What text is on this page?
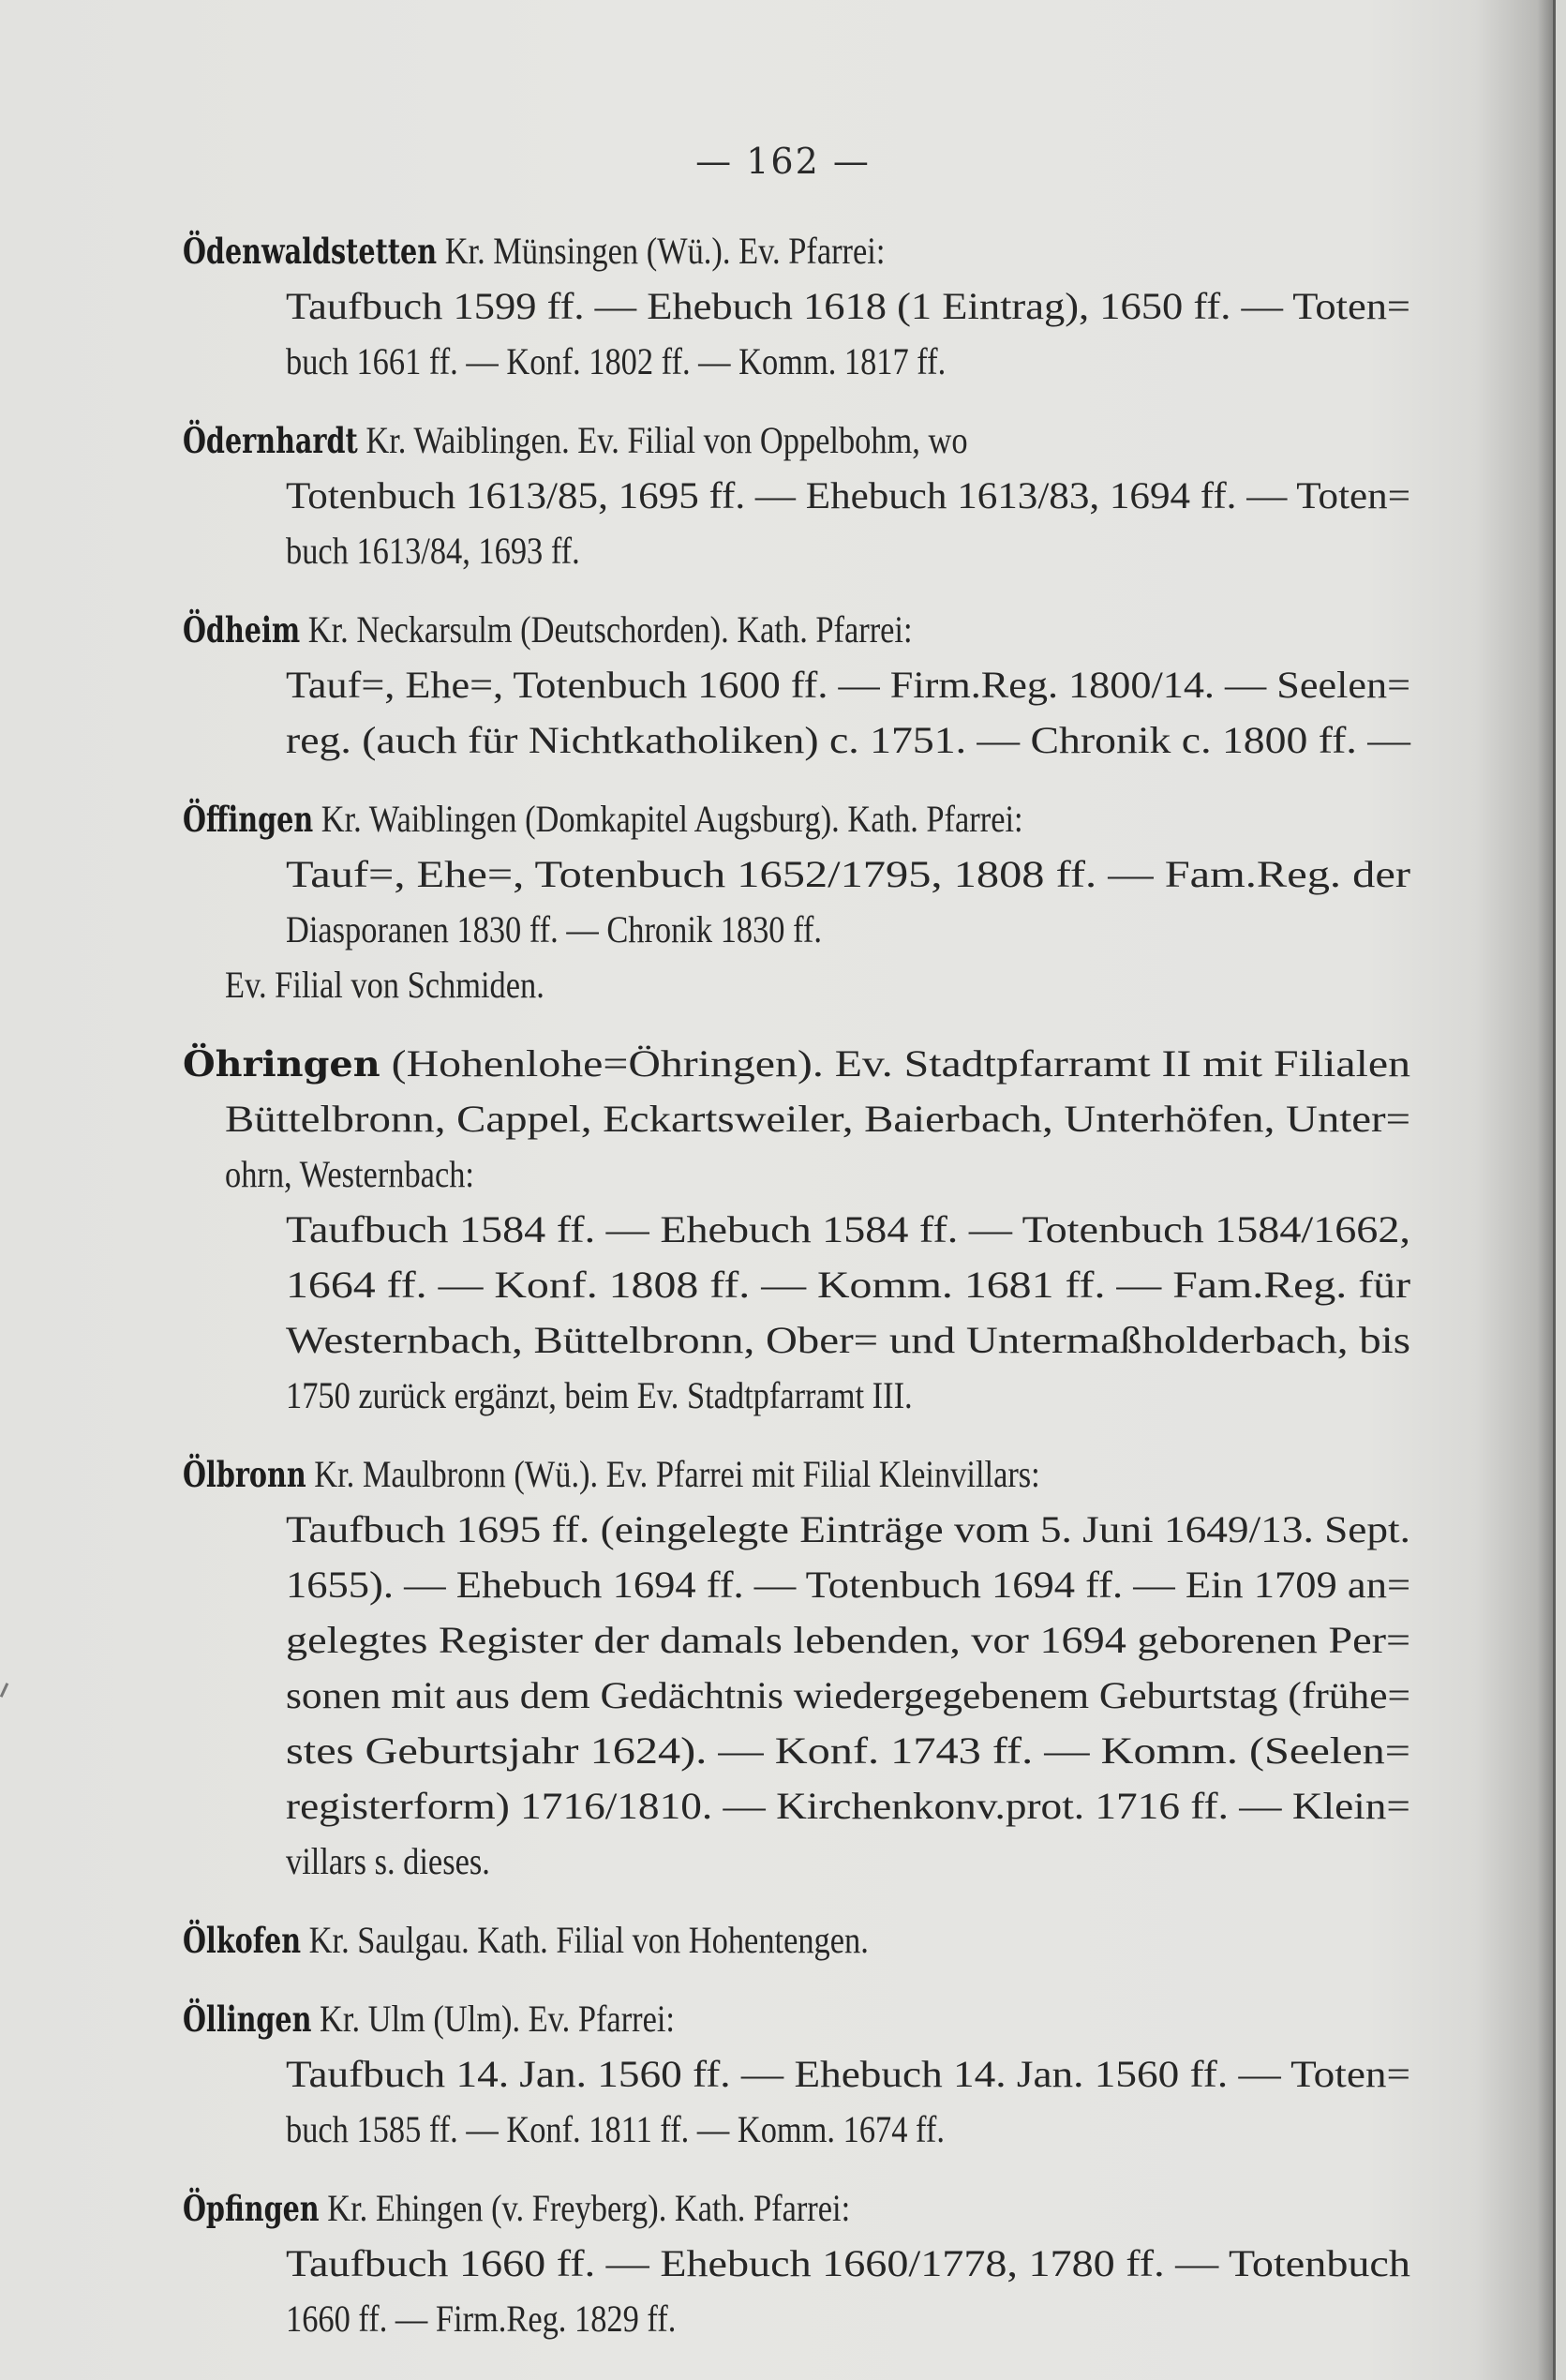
— 162 —
Ödenwaldstetten Kr. Münsingen (Wü.). Ev. Pfarrei:
Taufbuch 1599 ff. — Ehebuch 1618 (1 Eintrag), 1650 ff. — Toten=
buch 1661 ff. — Konf. 1802 ff. — Komm. 1817 ff.
Ödernhardt Kr. Waiblingen. Ev. Filial von Oppelbohm, wo
Totenbuch 1613/85, 1695 ff. — Ehebuch 1613/83, 1694 ff. — Toten=
buch 1613/84, 1693 ff.
Ödheim Kr. Neckarsulm (Deutschorden). Kath. Pfarrei:
Tauf=, Ehe=, Totenbuch 1600 ff. — Firm.Reg. 1800/14. — Seelen=
reg. (auch für Nichtkatholiken) c. 1751. — Chronik c. 1800 ff. —
Öffingen Kr. Waiblingen (Domkapitel Augsburg). Kath. Pfarrei:
Tauf=, Ehe=, Totenbuch 1652/1795, 1808 ff. — Fam.Reg. der
Diasporanen 1830 ff. — Chronik 1830 ff.
Ev. Filial von Schmiden.
Öhringen (Hohenlohe=Öhringen). Ev. Stadtpfarramt II mit Filialen
Büttelbronn, Cappel, Eckartsweiler, Baierbach, Unterhöfen, Unter=
ohrn, Westernbach:
Taufbuch 1584 ff. — Ehebuch 1584 ff. — Totenbuch 1584/1662,
1664 ff. — Konf. 1808 ff. — Komm. 1681 ff. — Fam.Reg. für
Westernbach, Büttelbronn, Ober= und Untermaßholderbach, bis
1750 zurück ergänzt, beim Ev. Stadtpfarramt III.
Ölbronn Kr. Maulbronn (Wü.). Ev. Pfarrei mit Filial Kleinvillars:
Taufbuch 1695 ff. (eingelegte Einträge vom 5. Juni 1649/13. Sept.
1655). — Ehebuch 1694 ff. — Totenbuch 1694 ff. — Ein 1709 an=
gelegtes Register der damals lebenden, vor 1694 geborenen Per=
sonen mit aus dem Gedächtnis wiedergegebenem Geburtstag (frühe=
stes Geburtsjahr 1624). — Konf. 1743 ff. — Komm. (Seelen=
registerform) 1716/1810. — Kirchenkonv.prot. 1716 ff. — Klein=
villars s. dieses.
Ölkofen Kr. Saulgau. Kath. Filial von Hohentengen.
Öllingen Kr. Ulm (Ulm). Ev. Pfarrei:
Taufbuch 14. Jan. 1560 ff. — Ehebuch 14. Jan. 1560 ff. — Toten=
buch 1585 ff. — Konf. 1811 ff. — Komm. 1674 ff.
Öpfingen Kr. Ehingen (v. Freyberg). Kath. Pfarrei:
Taufbuch 1660 ff. — Ehebuch 1660/1778, 1780 ff. — Totenbuch
1660 ff. — Firm.Reg. 1829 ff.
